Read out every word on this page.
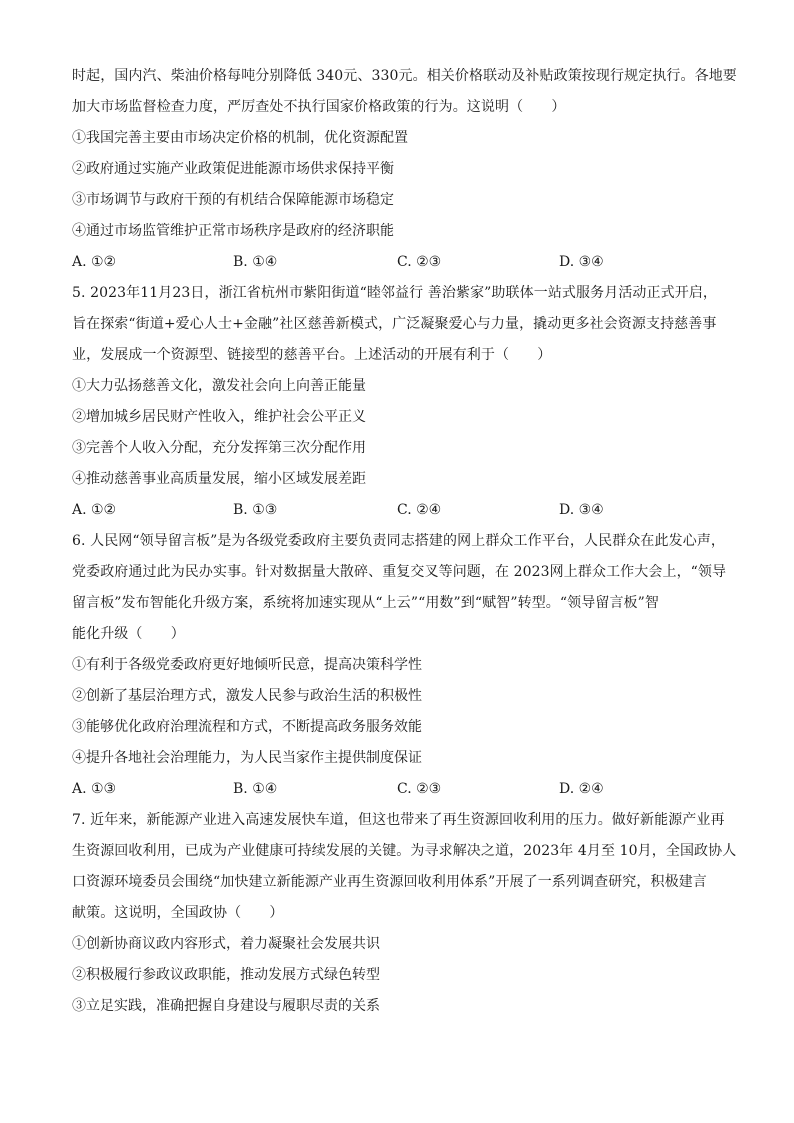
时起，国内汽、柴油价格每吨分别降低 340元、330元。相关价格联动及补贴政策按现行规定执行。各地要
加大市场监督检查力度，严厉查处不执行国家价格政策的行为。这说明（　　）

①我国完善主要由市场决定价格的机制，优化资源配置

②政府通过实施产业政策促进能源市场供求保持平衡

③市场调节与政府干预的有机结合保障能源市场稳定

④通过市场监管维护正常市场秩序是政府的经济职能

A. ①②	B. ①④	C. ②③	D. ③④

5. 2023年11月23日，浙江省杭州市紫阳街道“睦邻益行 善治紫家”助联体一站式服务月活动正式开启，
旨在探索“街道+爱心人士+金融”社区慈善新模式，广泛凝聚爱心与力量，撬动更多社会资源支持慈善事
业，发展成一个资源型、链接型的慈善平台。上述活动的开展有利于（　　）

①大力弘扬慈善文化，激发社会向上向善正能量

②增加城乡居民财产性收入，维护社会公平正义

③完善个人收入分配，充分发挥第三次分配作用

④推动慈善事业高质量发展，缩小区域发展差距

A. ①②	B. ①③	C. ②④	D. ③④

6. 人民网“领导留言板”是为各级党委政府主要负责同志搭建的网上群众工作平台，人民群众在此发心声，
党委政府通过此为民办实事。针对数据量大散碎、重复交叉等问题，在 2023网上群众工作大会上，“领导
留言板”发布智能化升级方案，系统将加速实现从“上云”“用数”到“赋智”转型。“领导留言板”智
能化升级（　　）

①有利于各级党委政府更好地倾听民意，提高决策科学性

②创新了基层治理方式，激发人民参与政治生活的积极性

③能够优化政府治理流程和方式，不断提高政务服务效能

④提升各地社会治理能力，为人民当家作主提供制度保证

A. ①③	B. ①④	C. ②③	D. ②④

7. 近年来，新能源产业进入高速发展快车道，但这也带来了再生资源回收利用的压力。做好新能源产业再
生资源回收利用，已成为产业健康可持续发展的关键。为寻求解决之道，2023年 4月至 10月，全国政协人
口资源环境委员会围绕“加快建立新能源产业再生资源回收利用体系”开展了一系列调查研究，积极建言
献策。这说明，全国政协（　　）

①创新协商议政内容形式，着力凝聚社会发展共识

②积极履行参政议政职能，推动发展方式绿色转型

③立足实践，准确把握自身建设与履职尽责的关系
